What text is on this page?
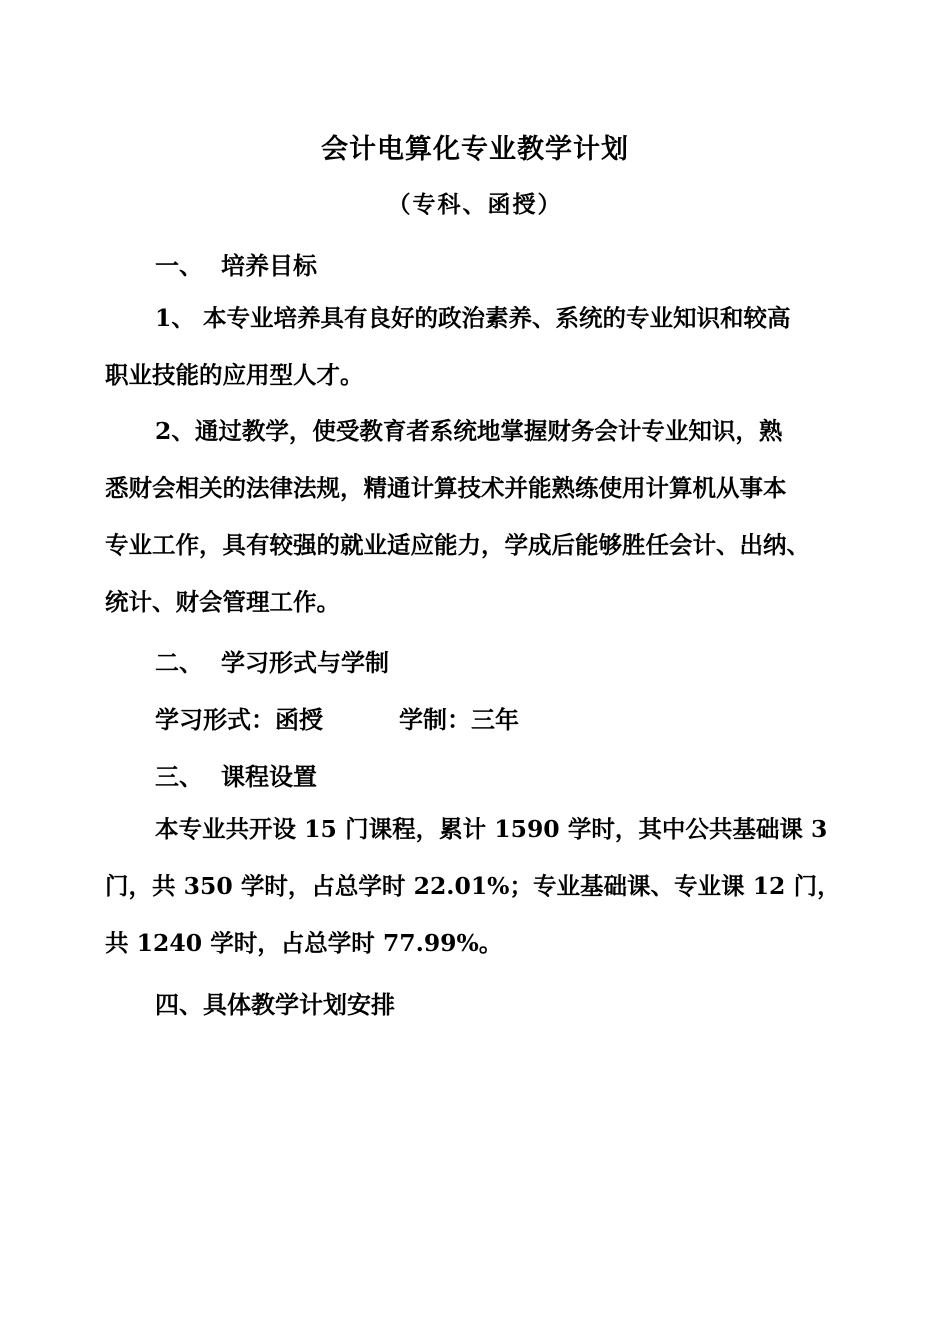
会计电算化专业教学计划
（专科、函授）
一、 培养目标
1、 本专业培养具有良好的政治素养、系统的专业知识和较高
职业技能的应用型人才。
2、通过教学，使受教育者系统地掌握财务会计专业知识，熟
悉财会相关的法律法规，精通计算技术并能熟练使用计算机从事本
专业工作，具有较强的就业适应能力，学成后能够胜任会计、出纳、
统计、财会管理工作。
二、 学习形式与学制
学习形式：函授	学制：三年
三、 课程设置
本专业共开设 15 门课程，累计 1590 学时，其中公共基础课 3
门，共 350 学时，占总学时 22.01%；专业基础课、专业课 12 门，
共 1240 学时，占总学时 77.99%。
四、具体教学计划安排
